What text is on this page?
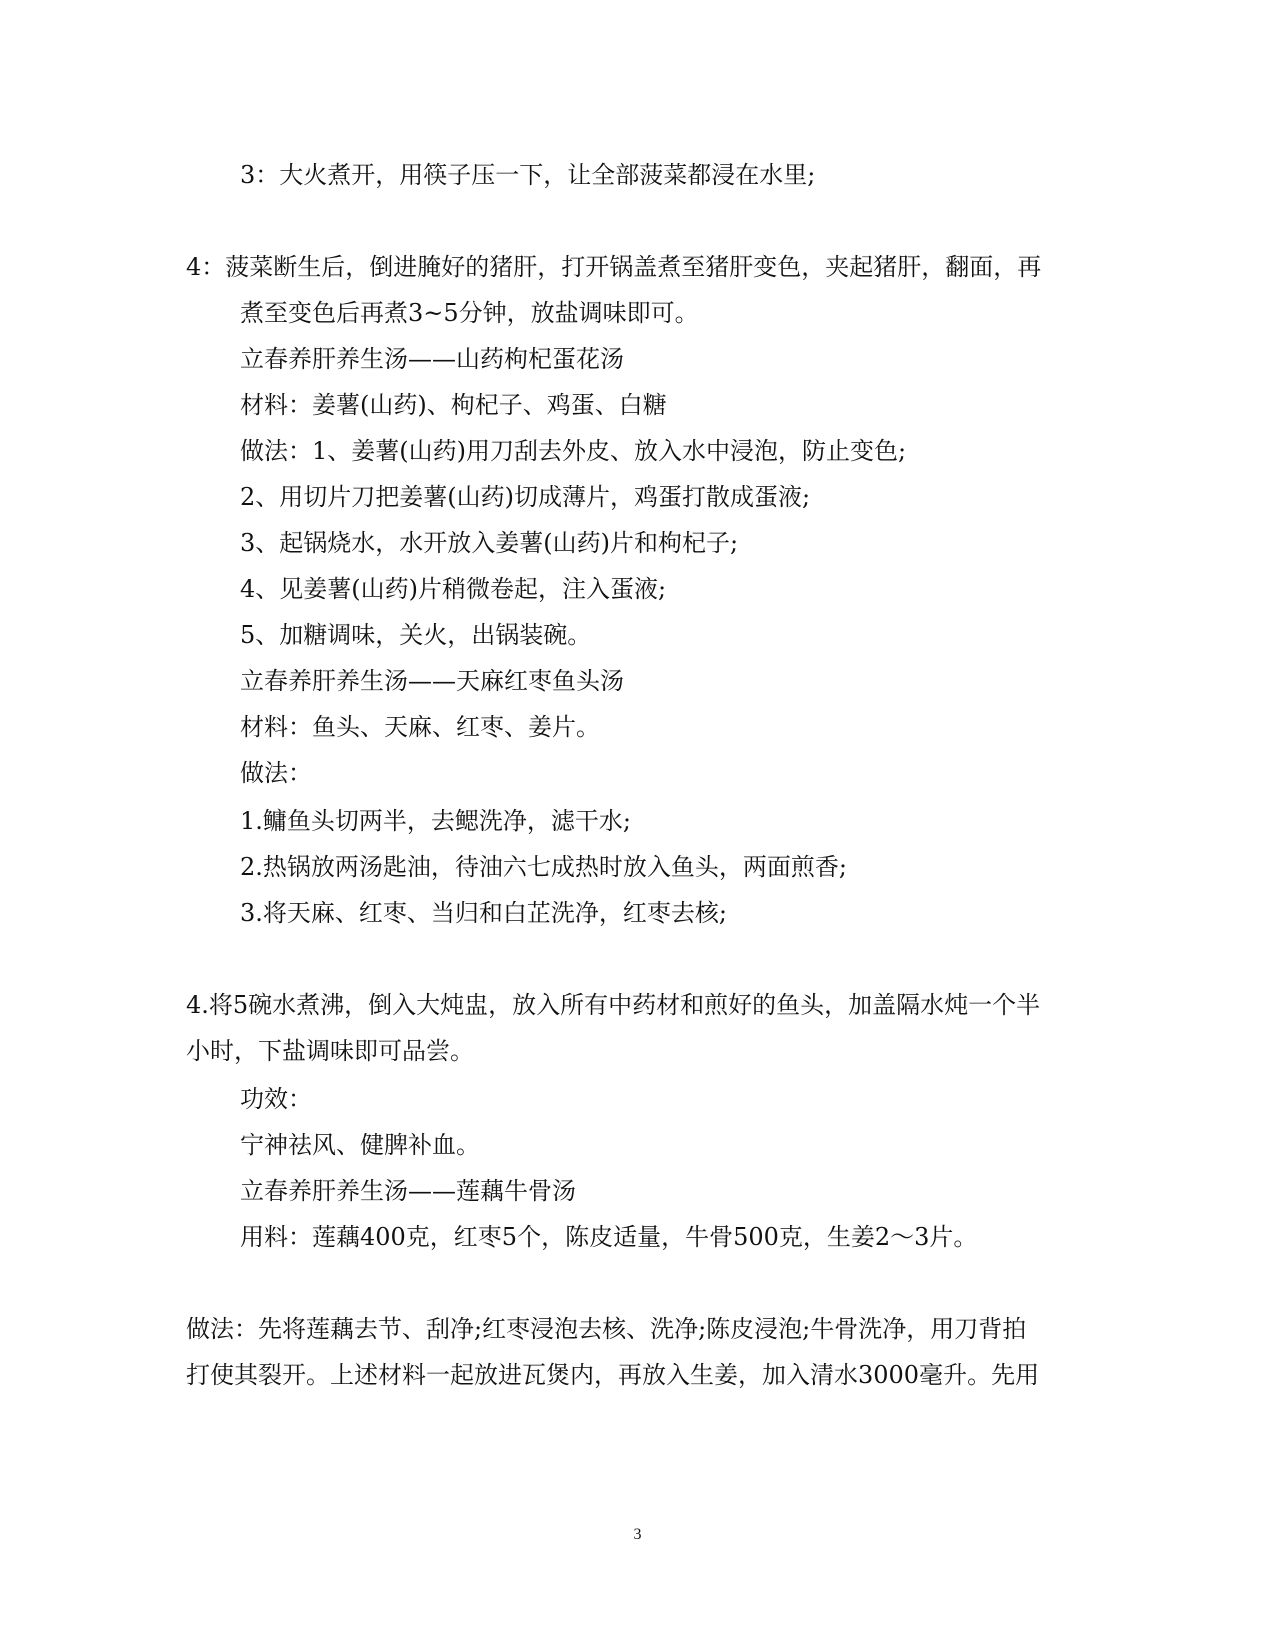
3：大火煮开，用筷子压一下，让全部菠菜都浸在水里;
4：菠菜断生后，倒进腌好的猪肝，打开锅盖煮至猪肝变色，夹起猪肝，翻面，再
煮至变色后再煮3~5分钟，放盐调味即可。
立春养肝养生汤——山药枸杞蛋花汤
材料：姜薯(山药)、枸杞子、鸡蛋、白糖
做法：1、姜薯(山药)用刀刮去外皮、放入水中浸泡，防止变色;
2、用切片刀把姜薯(山药)切成薄片，鸡蛋打散成蛋液;
3、起锅烧水，水开放入姜薯(山药)片和枸杞子;
4、见姜薯(山药)片稍微卷起，注入蛋液;
5、加糖调味，关火，出锅装碗。
立春养肝养生汤——天麻红枣鱼头汤
材料：鱼头、天麻、红枣、姜片。
做法：
1.鳙鱼头切两半，去鳃洗净，滤干水;
2.热锅放两汤匙油，待油六七成热时放入鱼头，两面煎香;
3.将天麻、红枣、当归和白芷洗净，红枣去核;
4.将5碗水煮沸，倒入大炖盅，放入所有中药材和煎好的鱼头，加盖隔水炖一个半
小时，下盐调味即可品尝。
功效：
宁神祛风、健脾补血。
立春养肝养生汤——莲藕牛骨汤
用料：莲藕400克，红枣5个，陈皮适量，牛骨500克，生姜2～3片。
做法：先将莲藕去节、刮净;红枣浸泡去核、洗净;陈皮浸泡;牛骨洗净，用刀背拍
打使其裂开。上述材料一起放进瓦煲内，再放入生姜，加入清水3000毫升。先用
3
